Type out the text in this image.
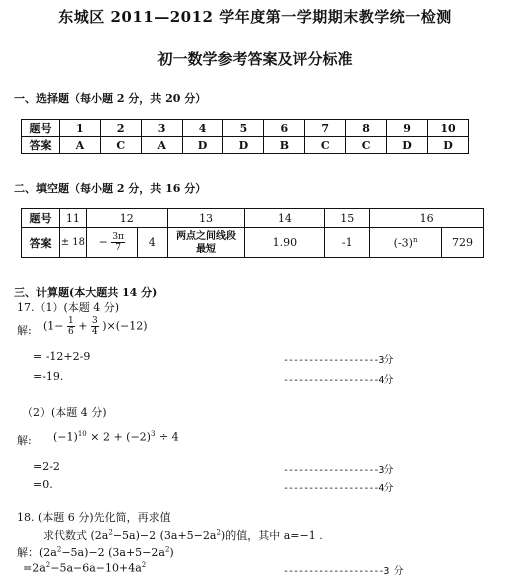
东城区 2011—2012 学年度第一学期期末教学统一检测
初一数学参考答案及评分标准
一、选择题（每小题 2 分，共 20 分）
题号	1	2	3	4	5	6	7	8	9	10
答案	A	C	A	D	D	B	C	C	D	D
二、填空题（每小题 2 分，共 16 分）
题号	11	12		13	14	15	16	
答案	± 18	− $\frac{3\pi}{7}$	4	两点之间线段最短	1.90	-1	$(-3)^n$	729
三、计算题(本大题共 14 分)
17.（1）(本题 4 分)
解: $(1- \frac{1}{6} + \frac{3}{4} )\times(-12)$
= -12+2-9	-------------------3分
=-19.	-------------------4分
（2）(本题 4 分)
解: $(-1)^{10} \times 2 + (-2)^3 \div 4$
=2-2	-------------------3分
=0.	-------------------4分
18. (本题 6 分)先化简，再求值
求代数式 $(2a^2-5a)-2$ $(3a+5-2a^2)$的值，其中 a=−1 .
解：$(2a^2-5a)-2$ $(3a+5-2a^2)$
$=2a^2-5a-6a-10+4a^2$
--------------------3 分
